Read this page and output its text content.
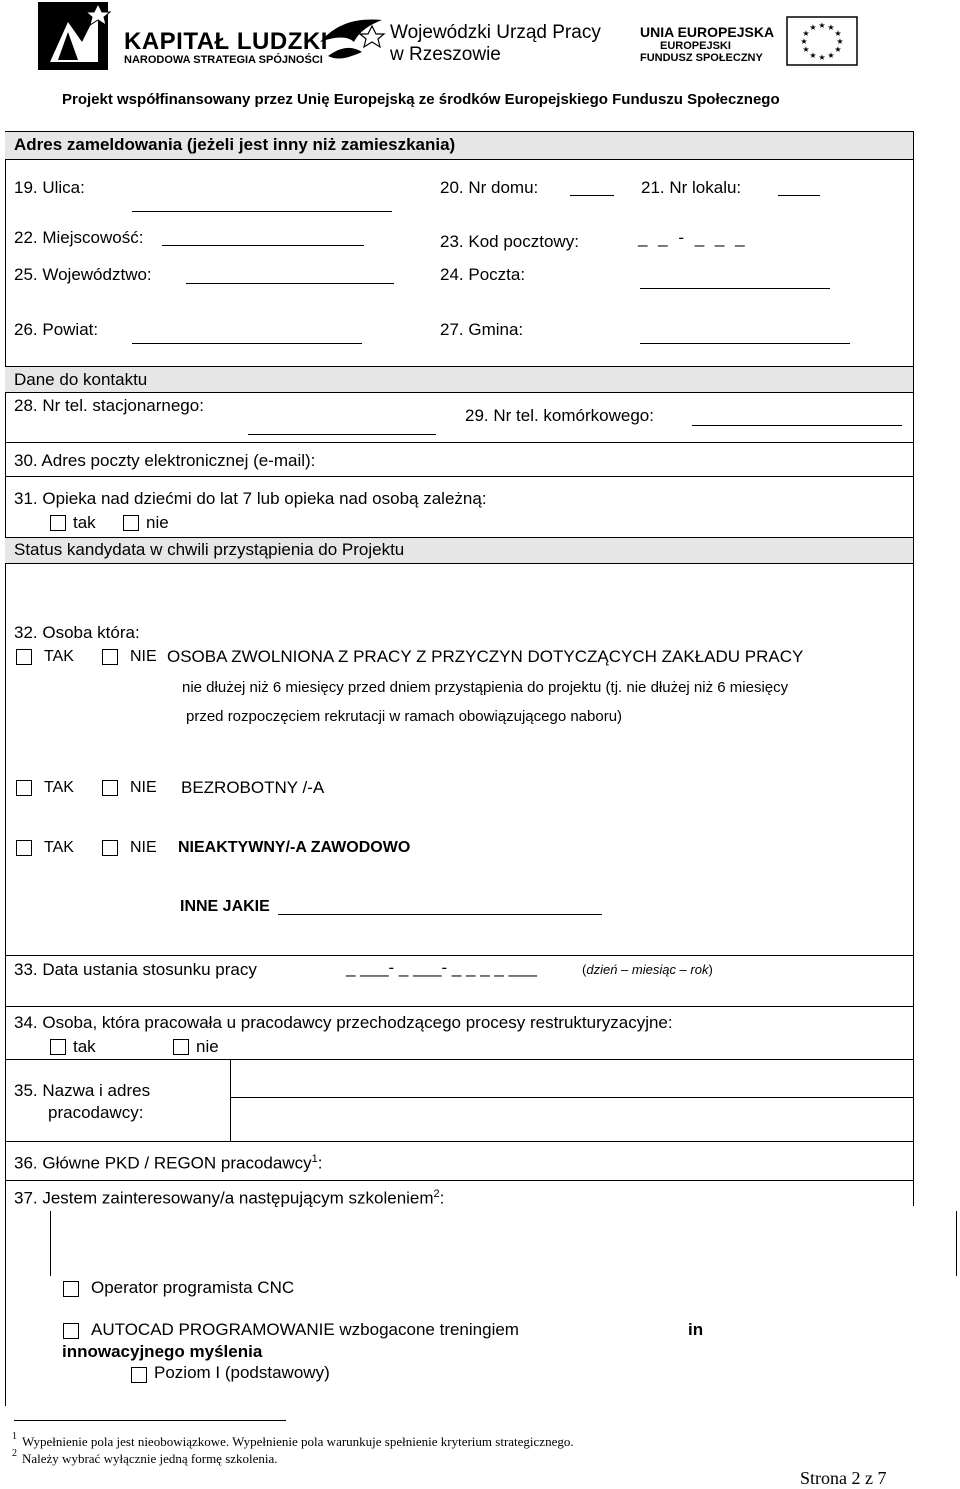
KAPITAŁ LUDZKI
NARODOWA STRATEGIA SPÓJNOŚCI
Wojewódzki Urząd Pracy
w Rzeszowie
UNIA EUROPEJSKA
EUROPEJSKI
FUNDUSZ SPOŁECZNY
★ ★
★
★
★
★
★
★
★
★
★
★
Projekt współfinansowany przez Unię Europejską ze środków Europejskiego Funduszu Społecznego
Adres zameldowania (jeżeli jest inny niż zamieszkania)
19. Ulica:	20. Nr domu:	21. Nr lokalu:
22. Miejscowość:	23. Kod pocztowy:	_ _ - _ _ _
25. Województwo:	24. Poczta:
26. Powiat:	27. Gmina:
Dane do kontaktu
28. Nr tel. stacjonarnego:
29. Nr tel. komórkowego:
30. Adres poczty elektronicznej (e-mail):
31. Opieka nad dziećmi do lat 7 lub opieka nad osobą zależną:
tak	nie
Status kandydata w chwili przystąpienia do Projektu
32. Osoba która:
TAK	NIE OSOBA ZWOLNIONA Z PRACY Z PRZYCZYN DOTYCZĄCYCH ZAKŁADU PRACY
nie dłużej niż 6 miesięcy przed dniem przystąpienia do projektu (tj. nie dłużej niż 6 miesięcy
przed rozpoczęciem rekrutacji w ramach obowiązującego naboru)
TAK	NIE BEZROBOTNY /-A
TAK	NIE NIEAKTYWNY/-A ZAWODOWO
INNE JAKIE
33. Data ustania stosunku pracy	_ ___- _ ___- _ _ _ _ ___	(dzień – miesiąc – rok)
34. Osoba, która pracowała u pracodawcy przechodzącego procesy restrukturyzacyjne:
tak	nie
35. Nazwa i adres
pracodawcy:
36. Główne PKD / REGON pracodawcy$^1$:
37. Jestem zainteresowany/a następującym szkoleniem$^2$:
Operator programista CNC
AUTOCAD PROGRAMOWANIE wzbogacone treningiem	in
innowacyjnego myślenia
Poziom I (podstawowy)
1 Wypełnienie pola jest nieobowiązkowe. Wypełnienie pola warunkuje spełnienie kryterium strategicznego.
2 Należy wybrać wyłącznie jedną formę szkolenia.
Strona 2 z 7
